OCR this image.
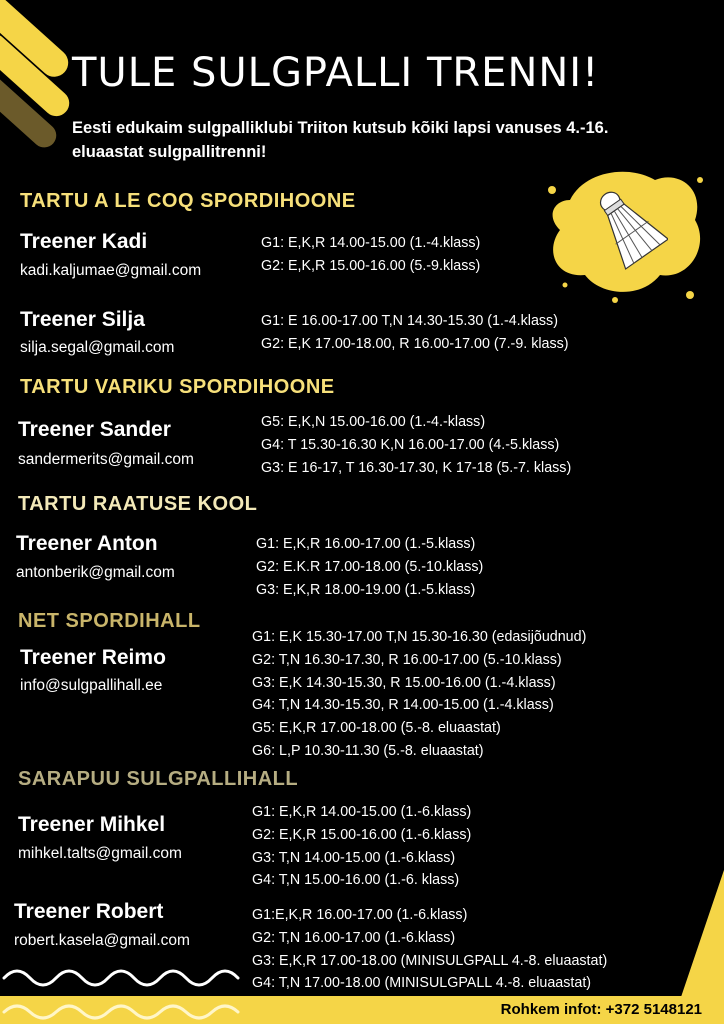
TULE SULGPALLI TRENNI!
Eesti edukaim sulgpalliklubi Triiton kutsub kõiki lapsi vanuses 4.-16. eluaastat sulgpallitrenni!
TARTU A LE COQ SPORDIHOONE
Treener Kadi
kadi.kaljumae@gmail.com
G1: E,K,R 14.00-15.00 (1.-4.klass)
G2: E,K,R 15.00-16.00 (5.-9.klass)
Treener Silja
silja.segal@gmail.com
G1: E 16.00-17.00 T,N 14.30-15.30 (1.-4.klass)
G2: E,K 17.00-18.00, R 16.00-17.00 (7.-9. klass)
TARTU VARIKU SPORDIHOONE
Treener Sander
sandermerits@gmail.com
G5: E,K,N 15.00-16.00 (1.-4.-klass)
G4: T 15.30-16.30 K,N 16.00-17.00 (4.-5.klass)
G3: E 16-17, T 16.30-17.30, K 17-18 (5.-7. klass)
TARTU RAATUSE KOOL
Treener Anton
antonberik@gmail.com
G1: E,K,R 16.00-17.00 (1.-5.klass)
G2: E.K.R 17.00-18.00 (5.-10.klass)
G3: E,K,R 18.00-19.00 (1.-5.klass)
NET SPORDIHALL
Treener Reimo
info@sulgpallihall.ee
G1: E,K 15.30-17.00 T,N 15.30-16.30 (edasijõudnud)
G2: T,N 16.30-17.30, R 16.00-17.00 (5.-10.klass)
G3: E,K 14.30-15.30, R 15.00-16.00 (1.-4.klass)
G4: T,N 14.30-15.30, R 14.00-15.00 (1.-4.klass)
G5: E,K,R 17.00-18.00 (5.-8. eluaastat)
G6: L,P 10.30-11.30 (5.-8. eluaastat)
SARAPUU SULGPALLIHALL
Treener Mihkel
mihkel.talts@gmail.com
G1: E,K,R 14.00-15.00 (1.-6.klass)
G2: E,K,R 15.00-16.00 (1.-6.klass)
G3: T,N 14.00-15.00 (1.-6.klass)
G4: T,N 15.00-16.00 (1.-6. klass)
Treener Robert
robert.kasela@gmail.com
G1:E,K,R 16.00-17.00 (1.-6.klass)
G2: T,N 16.00-17.00 (1.-6.klass)
G3: E,K,R 17.00-18.00 (MINISULGPALL 4.-8. eluaastat)
G4: T,N 17.00-18.00 (MINISULGPALL 4.-8. eluaastat)
Rohkem infot: +372 5148121
